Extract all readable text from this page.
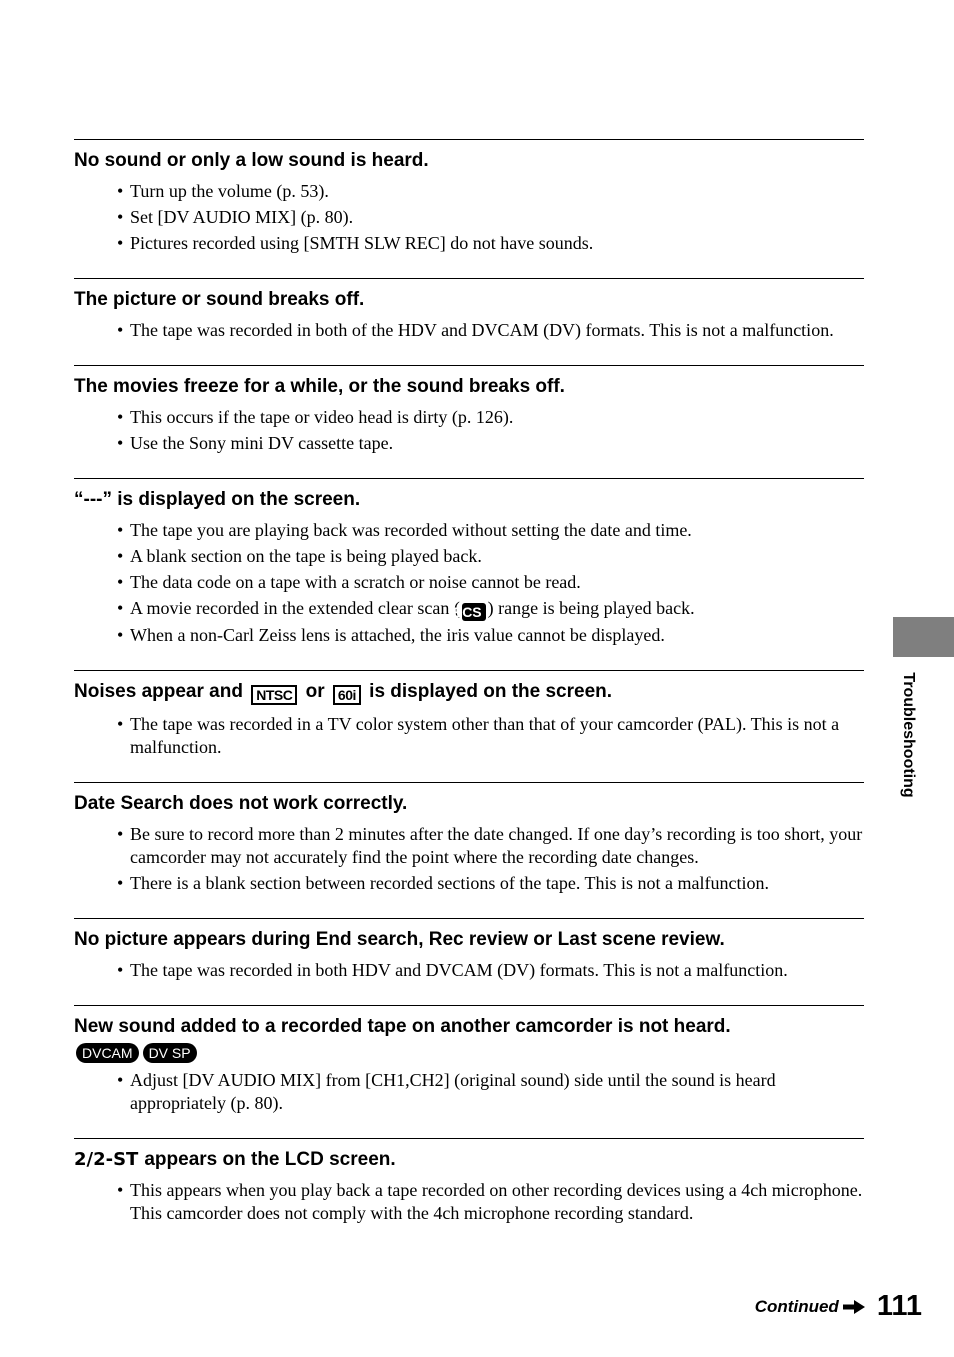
No sound or only a low sound is heard.
• Turn up the volume (p. 53).
• Set [DV AUDIO MIX] (p. 80).
• Pictures recorded using [SMTH SLW REC] do not have sounds.
The picture or sound breaks off.
• The tape was recorded in both of the HDV and DVCAM (DV) formats. This is not a malfunction.
The movies freeze for a while, or the sound breaks off.
• This occurs if the tape or video head is dirty (p. 126).
• Use the Sony mini DV cassette tape.
“---” is displayed on the screen.
• The tape you are playing back was recorded without setting the date and time.
• A blank section on the tape is being played back.
• The data code on a tape with a scratch or noise cannot be read.
• A movie recorded in the extended clear scan (ECS ) range is being played back.
• When a non-Carl Zeiss lens is attached, the iris value cannot be displayed.
Noises appear and NTSC or 60i is displayed on the screen.
• The tape was recorded in a TV color system other than that of your camcorder (PAL). This is not a malfunction.
Date Search does not work correctly.
• Be sure to record more than 2 minutes after the date changed. If one day’s recording is too short, your camcorder may not accurately find the point where the recording date changes.
• There is a blank section between recorded sections of the tape. This is not a malfunction.
No picture appears during End search, Rec review or Last scene review.
• The tape was recorded in both HDV and DVCAM (DV) formats. This is not a malfunction.
New sound added to a recorded tape on another camcorder is not heard.
DVCAM DV SP
• Adjust [DV AUDIO MIX] from [CH1,CH2] (original sound) side until the sound is heard appropriately (p. 80).
2/2-ST appears on the LCD screen.
• This appears when you play back a tape recorded on other recording devices using a 4ch microphone. This camcorder does not comply with the 4ch microphone recording standard.
Troubleshooting
Continued 111
